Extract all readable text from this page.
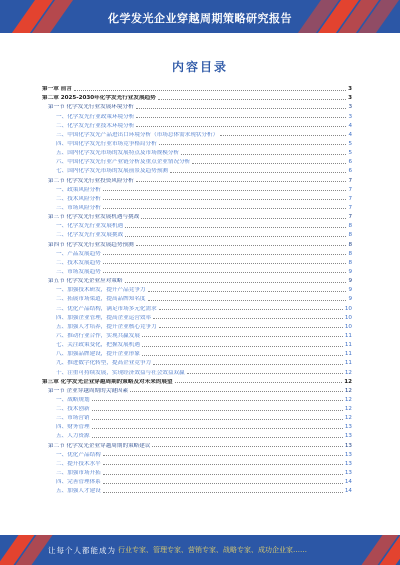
化学发光企业穿越周期策略研究报告
内容目录
第一章 前言	3
第二章 2025-2030年化学发光行业发展趋势	3
第一节 化学发光行业发展环境分析	3
一、化学发光行业政策环境分析	3
二、化学发光行业技术环境分析	4
三、中国化学发光产品进出口环境分析（市场总体需求现状分析）	4
四、中国化学发光行业市场竞争格局分析	5
五、国内化学发光市场的发展特点及市场规模分析	5
六、中国化学发光行业产业链分析及重点企业情况分析	6
七、国内化学发光市场的发展前景及趋势预测	6
第二节 化学发光行业投资风险分析	7
一、政策风险分析	7
二、技术风险分析	7
三、市场风险分析	7
第三节 化学发光行业发展机遇与挑战	7
一、化学发光行业发展机遇	8
二、化学发光行业发展挑战	8
第四节 化学发光行业发展趋势预测	8
一、产品发展趋势	8
二、技术发展趋势	8
三、市场发展趋势	9
第五节 化学发光企业应对策略	9
一、加强技术研发，提升产品竞争力	9
二、拓展市场渠道，提高品牌知名度	9
三、优化产品结构，满足市场多元化需求	10
四、加强企业管理，提高企业运营效率	10
五、加强人才培养，提升企业核心竞争力	10
六、推动行业合作，实现共赢发展	11
七、关注政策变化，把握发展机遇	11
八、加强品牌建设，提升企业形象	11
九、推进数字化转型，提高企业竞争力	11
十、注重可持续发展，实现经济效益与社会效益双赢	12
第三章 化学发光企业穿越周期的策略及对未来的展望	12
第一节 企业穿越周期的关键因素	12
一、战略规划	12
二、技术创新	12
三、市场营销	12
四、财务管理	13
五、人力资源	13
第二节 化学发光企业穿越周期的策略建议	13
一、优化产品结构	13
二、提升技术水平	13
三、加强市场开拓	13
四、完善管理体系	14
五、加强人才建设	14
让每个人都能成为 行业专家、管理专家、营销专家、战略专家、成功企业家……
